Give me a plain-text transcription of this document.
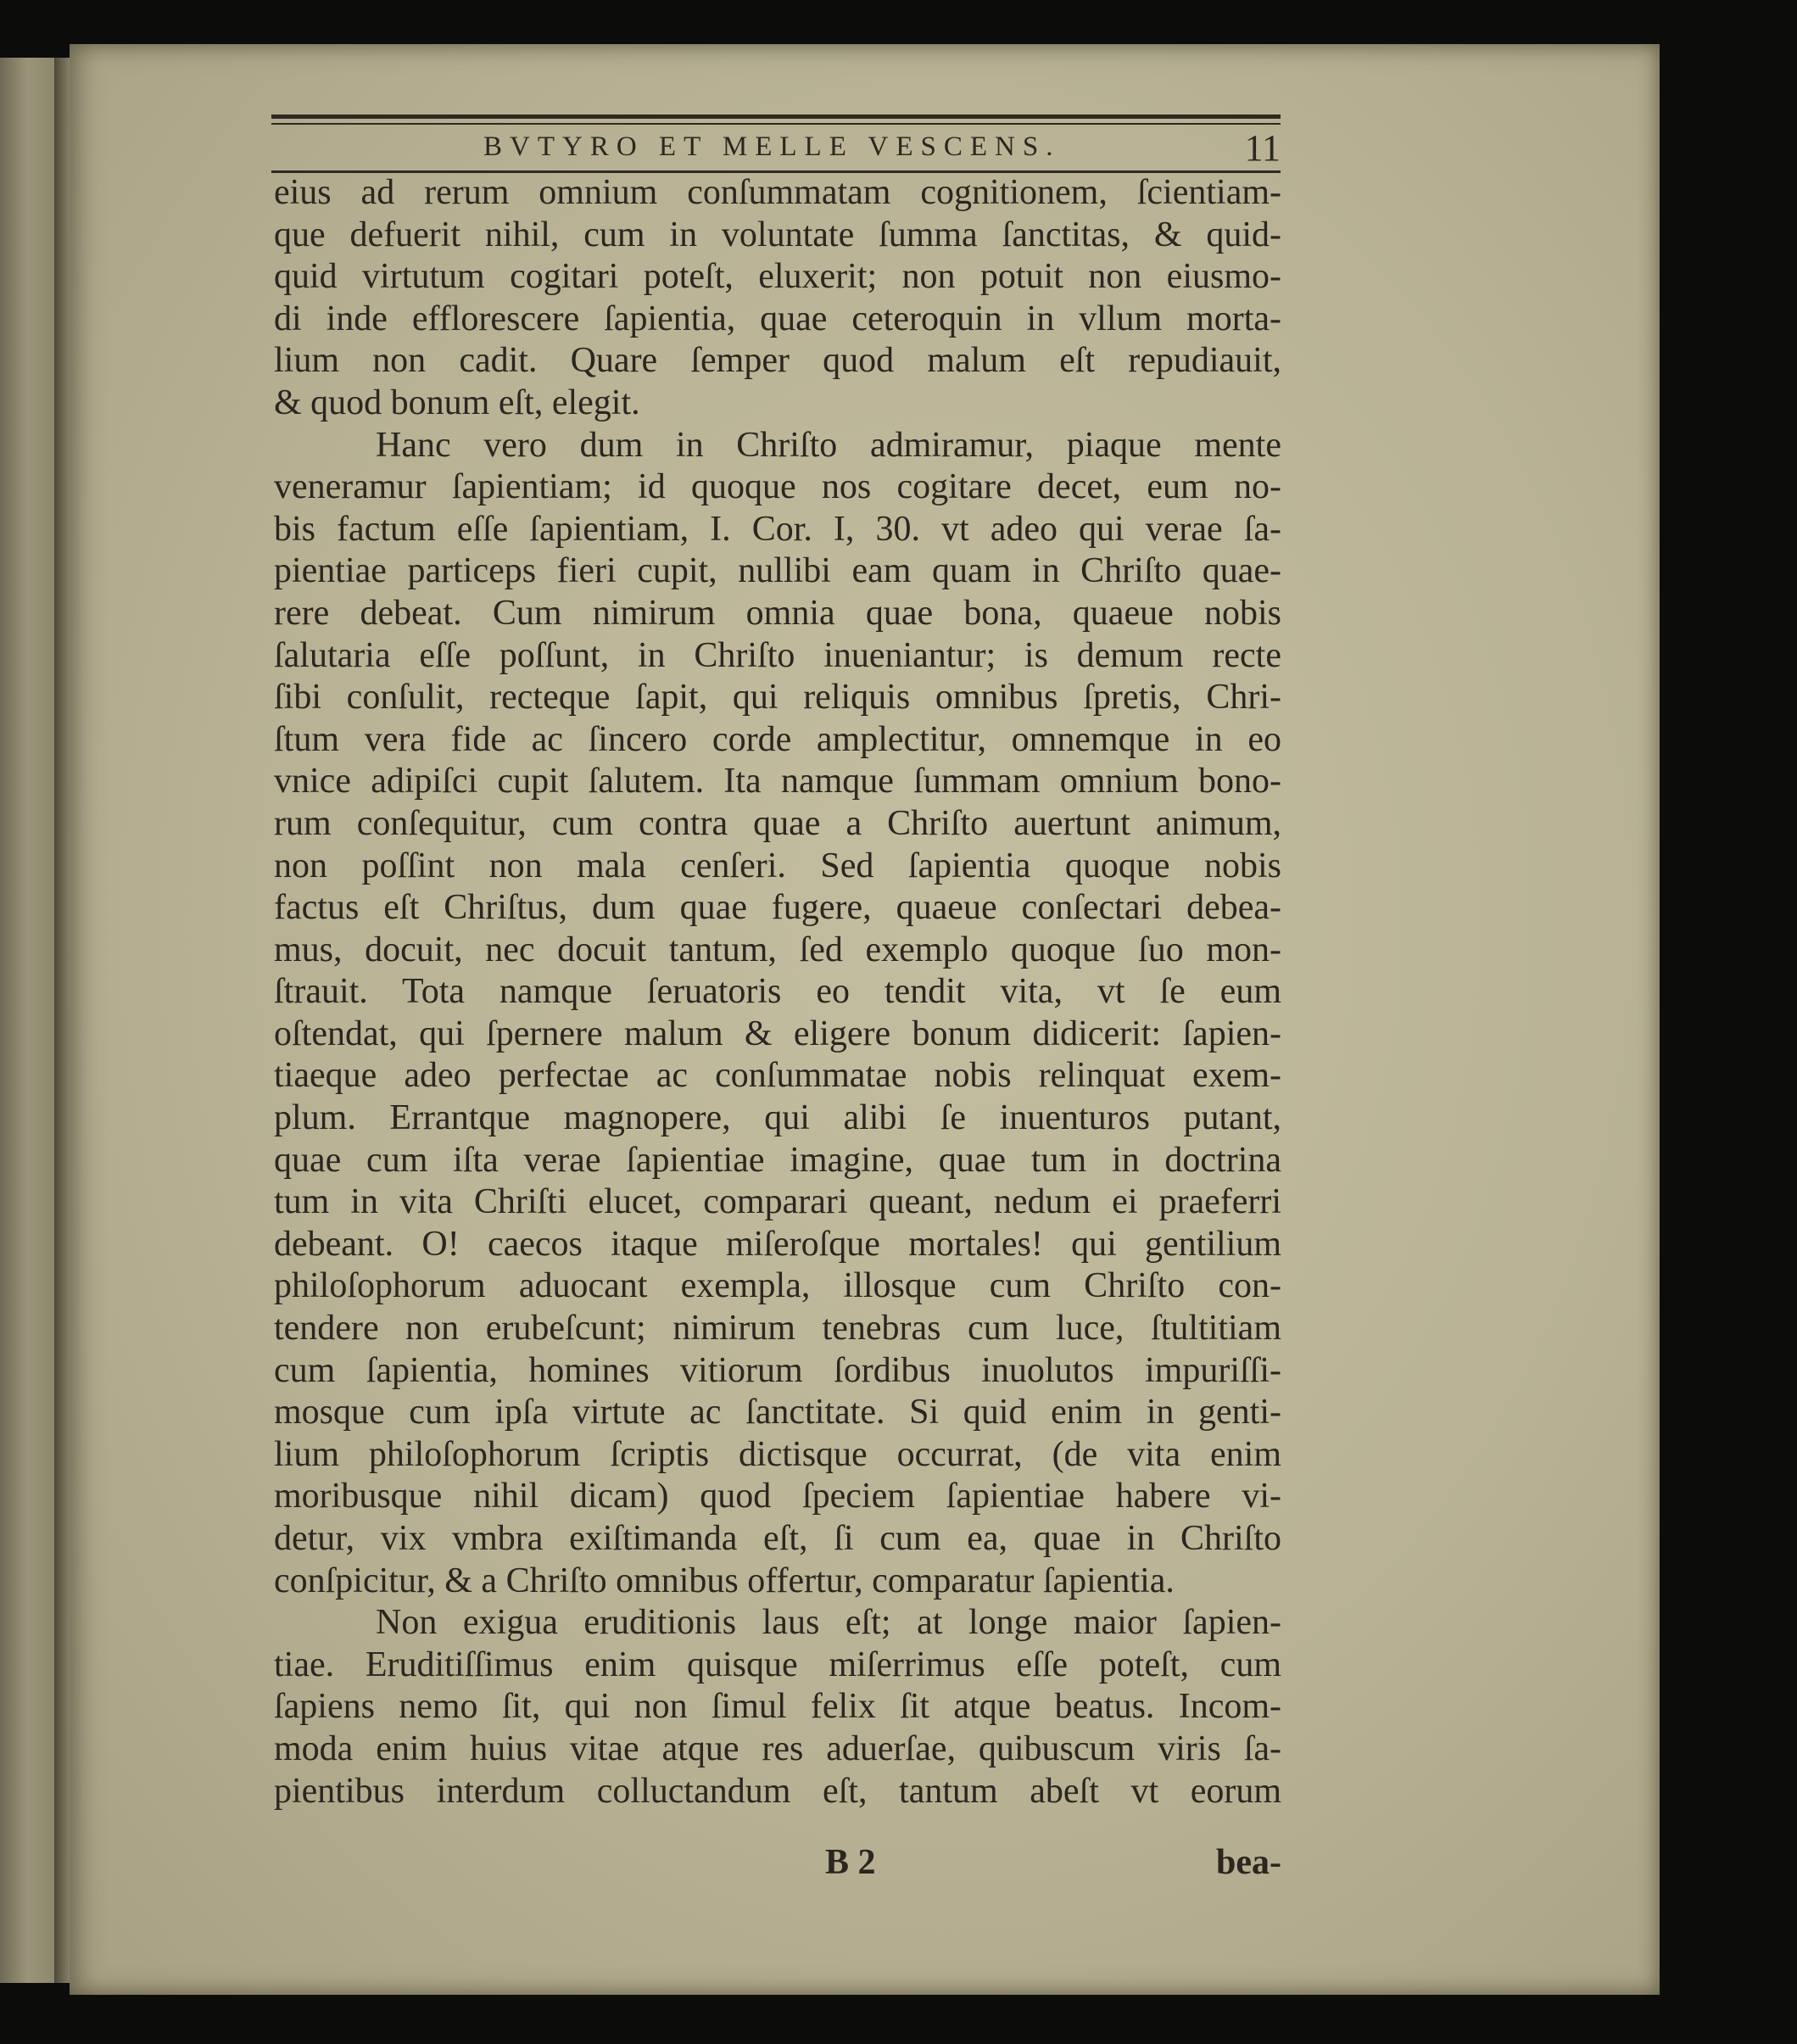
BVTYRO ET MELLE VESCENS.	11
eius ad rerum omnium conſummatam cognitionem, ſcientiam-
que defuerit nihil, cum in voluntate ſumma ſanctitas, & quid-
quid virtutum cogitari poteſt, eluxerit; non potuit non eiusmo-
di inde efflorescere ſapientia, quae ceteroquin in vllum morta-
lium non cadit. Quare ſemper quod malum eſt repudiauit,
& quod bonum eſt, elegit.
Hanc vero dum in Chriſto admiramur, piaque mente
veneramur ſapientiam; id quoque nos cogitare decet, eum no-
bis factum eſſe ſapientiam, I. Cor. I, 30. vt adeo qui verae ſa-
pientiae particeps fieri cupit, nullibi eam quam in Chriſto quae-
rere debeat. Cum nimirum omnia quae bona, quaeue nobis
ſalutaria eſſe poſſunt, in Chriſto inueniantur; is demum recte
ſibi conſulit, recteque ſapit, qui reliquis omnibus ſpretis, Chri-
ſtum vera fide ac ſincero corde amplectitur, omnemque in eo
vnice adipiſci cupit ſalutem. Ita namque ſummam omnium bono-
rum conſequitur, cum contra quae a Chriſto auertunt animum,
non poſſint non mala cenſeri. Sed ſapientia quoque nobis
factus eſt Chriſtus, dum quae fugere, quaeue conſectari debea-
mus, docuit, nec docuit tantum, ſed exemplo quoque ſuo mon-
ſtrauit. Tota namque ſeruatoris eo tendit vita, vt ſe eum
oſtendat, qui ſpernere malum & eligere bonum didicerit: ſapien-
tiaeque adeo perfectae ac conſummatae nobis relinquat exem-
plum. Errantque magnopere, qui alibi ſe inuenturos putant,
quae cum iſta verae ſapientiae imagine, quae tum in doctrina
tum in vita Chriſti elucet, comparari queant, nedum ei praeferri
debeant. O! caecos itaque miſeroſque mortales! qui gentilium
philoſophorum aduocant exempla, illosque cum Chriſto con-
tendere non erubeſcunt; nimirum tenebras cum luce, ſtultitiam
cum ſapientia, homines vitiorum ſordibus inuolutos impuriſſi-
mosque cum ipſa virtute ac ſanctitate. Si quid enim in genti-
lium philoſophorum ſcriptis dictisque occurrat, (de vita enim
moribusque nihil dicam) quod ſpeciem ſapientiae habere vi-
detur, vix vmbra exiſtimanda eſt, ſi cum ea, quae in Chriſto
conſpicitur, & a Chriſto omnibus offertur, comparatur ſapientia.
Non exigua eruditionis laus eſt; at longe maior ſapien-
tiae. Eruditiſſimus enim quisque miſerrimus eſſe poteſt, cum
ſapiens nemo ſit, qui non ſimul felix ſit atque beatus. Incom-
moda enim huius vitae atque res aduerſae, quibuscum viris ſa-
pientibus interdum colluctandum eſt, tantum abeſt vt eorum
B 2	bea-
